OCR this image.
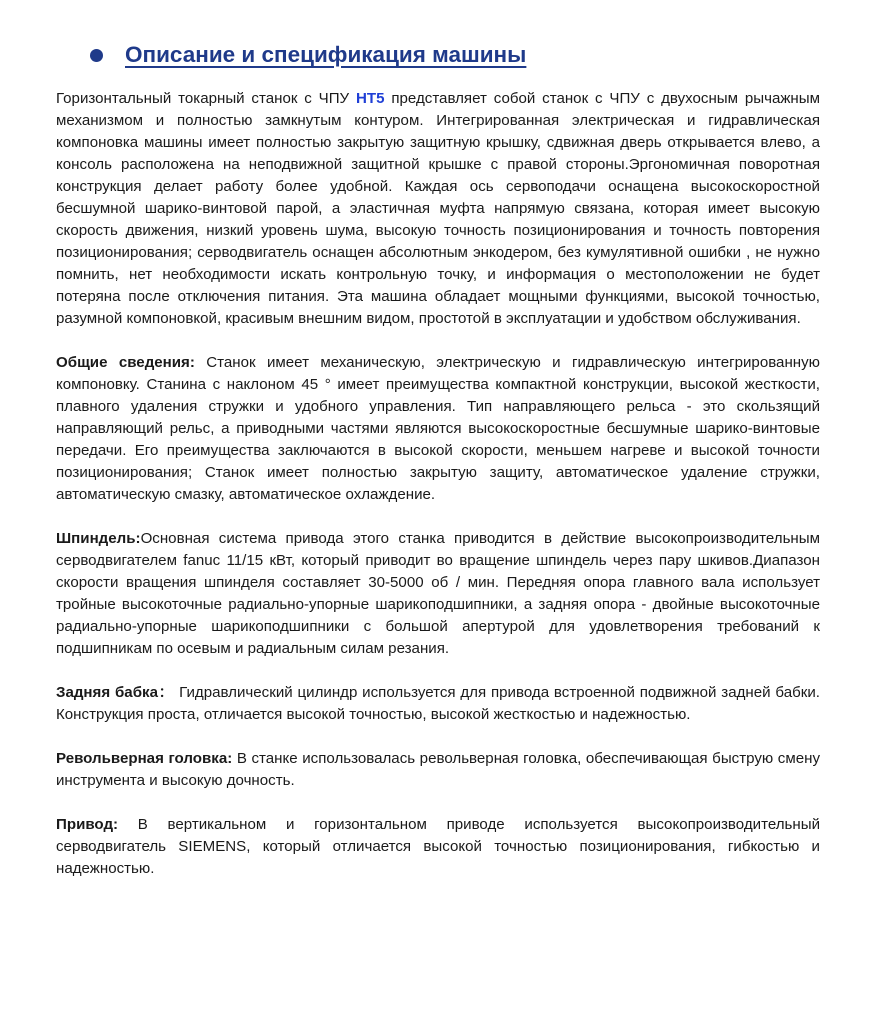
Описание и спецификация машины

Горизонтальный токарный станок с ЧПУ HT5 представляет собой станок с ЧПУ с двухосным рычажным механизмом и полностью замкнутым контуром. Интегрированная электрическая и гидравлическая компоновка машины имеет полностью закрытую защитную крышку, сдвижная дверь открывается влево, а консоль расположена на неподвижной защитной крышке с правой стороны.Эргономичная поворотная конструкция делает работу более удобной. Каждая ось сервоподачи оснащена высокоскоростной бесшумной шарико-винтовой парой, а эластичная муфта напрямую связана, которая имеет высокую скорость движения, низкий уровень шума, высокую точность позиционирования и точность повторения позиционирования; серводвигатель оснащен абсолютным энкодером, без кумулятивной ошибки , не нужно помнить, нет необходимости искать контрольную точку, и информация о местоположении не будет потеряна после отключения питания. Эта машина обладает мощными функциями, высокой точностью, разумной компоновкой, красивым внешним видом, простотой в эксплуатации и удобством обслуживания.

Общие сведения: Станок имеет механическую, электрическую и гидравлическую интегрированную компоновку. Станина с наклоном 45 ° имеет преимущества компактной конструкции, высокой жесткости, плавного удаления стружки и удобного управления. Тип направляющего рельса - это скользящий направляющий рельс, а приводными частями являются высокоскоростные бесшумные шарико-винтовые передачи. Его преимущества заключаются в высокой скорости, меньшем нагреве и высокой точности позиционирования; Станок имеет полностью закрытую защиту, автоматическое удаление стружки, автоматическую смазку, автоматическое охлаждение.

Шпиндель:Основная система привода этого станка приводится в действие высокопроизводительным серводвигателем fanuc 11/15 кВт, который приводит во вращение шпиндель через пару шкивов.Диапазон скорости вращения шпинделя составляет 30-5000 об / мин. Передняя опора главного вала использует тройные высокоточные радиально-упорные шарикоподшипники, а задняя опора - двойные высокоточные радиально-упорные шарикоподшипники с большой апертурой для удовлетворения требований к подшипникам по осевым и радиальным силам резания.

Задняя бабка： Гидравлический цилиндр используется для привода встроенной подвижной задней бабки. Конструкция проста, отличается высокой точностью, высокой жесткостью и надежностью.

Револьверная головка: В станке использовалась револьверная головка, обеспечивающая быструю смену инструмента и высокую дочность.

Привод: В вертикальном и горизонтальном приводе используется высокопроизводительный серводвигатель SIEMENS, который отличается высокой точностью позиционирования, гибкостью и надежностью.
